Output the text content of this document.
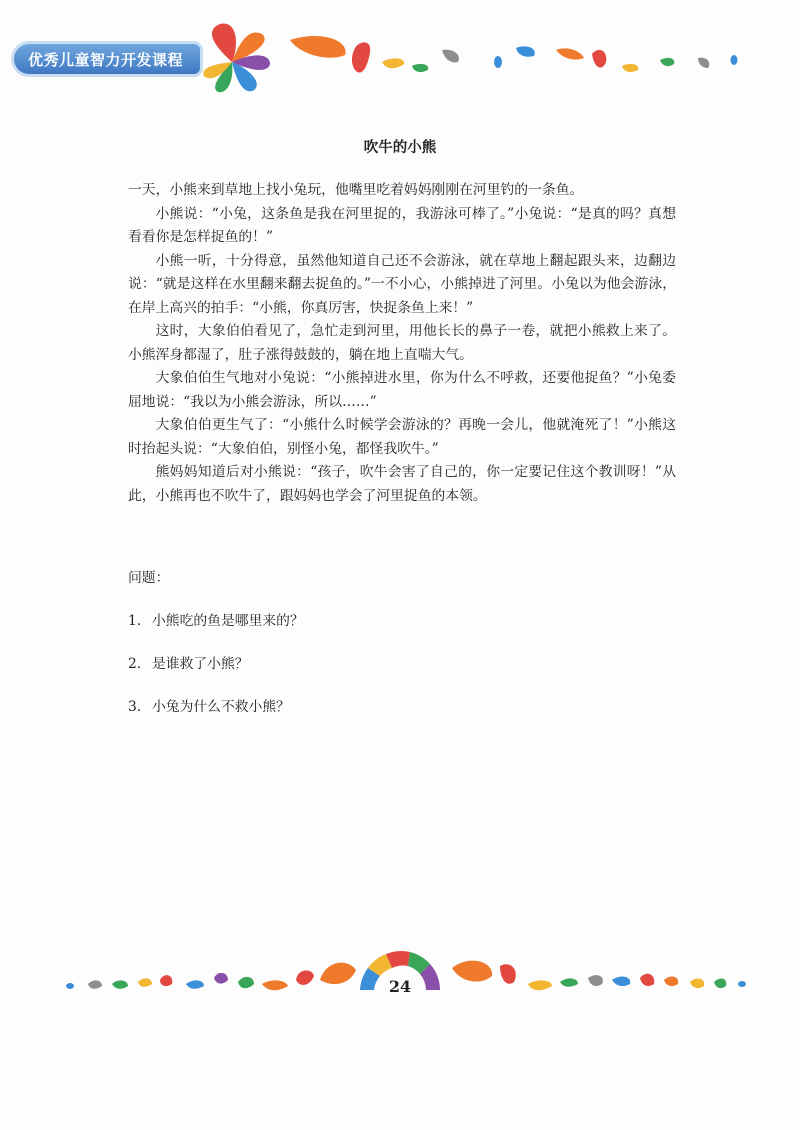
优秀儿童智力开发课程
吹牛的小熊

一天，小熊来到草地上找小兔玩，他嘴里吃着妈妈刚刚在河里钓的一条鱼。

小熊说：“小兔，这条鱼是我在河里捉的，我游泳可棒了。”小兔说：“是真的吗？真想看看你是怎样捉鱼的！”

小熊一听，十分得意，虽然他知道自己还不会游泳，就在草地上翻起跟头来，边翻边说：“就是这样在水里翻来翻去捉鱼的。”一不小心，小熊掉进了河里。小兔以为他会游泳，在岸上高兴的拍手：“小熊，你真厉害，快捉条鱼上来！”

这时，大象伯伯看见了，急忙走到河里，用他长长的鼻子一卷，就把小熊救上来了。小熊浑身都湿了，肚子涨得鼓鼓的，躺在地上直喘大气。

大象伯伯生气地对小兔说：“小熊掉进水里，你为什么不呼救，还要他捉鱼？”小兔委屈地说：“我以为小熊会游泳，所以……”

大象伯伯更生气了：“小熊什么时候学会游泳的？再晚一会儿，他就淹死了！”小熊这时抬起头说：“大象伯伯，别怪小兔，都怪我吹牛。”

熊妈妈知道后对小熊说：“孩子，吹牛会害了自己的，你一定要记住这个教训呀！”从此，小熊再也不吹牛了，跟妈妈也学会了河里捉鱼的本领。

问题：
1. 小熊吃的鱼是哪里来的？
2. 是谁救了小熊？
3. 小兔为什么不救小熊？
24
